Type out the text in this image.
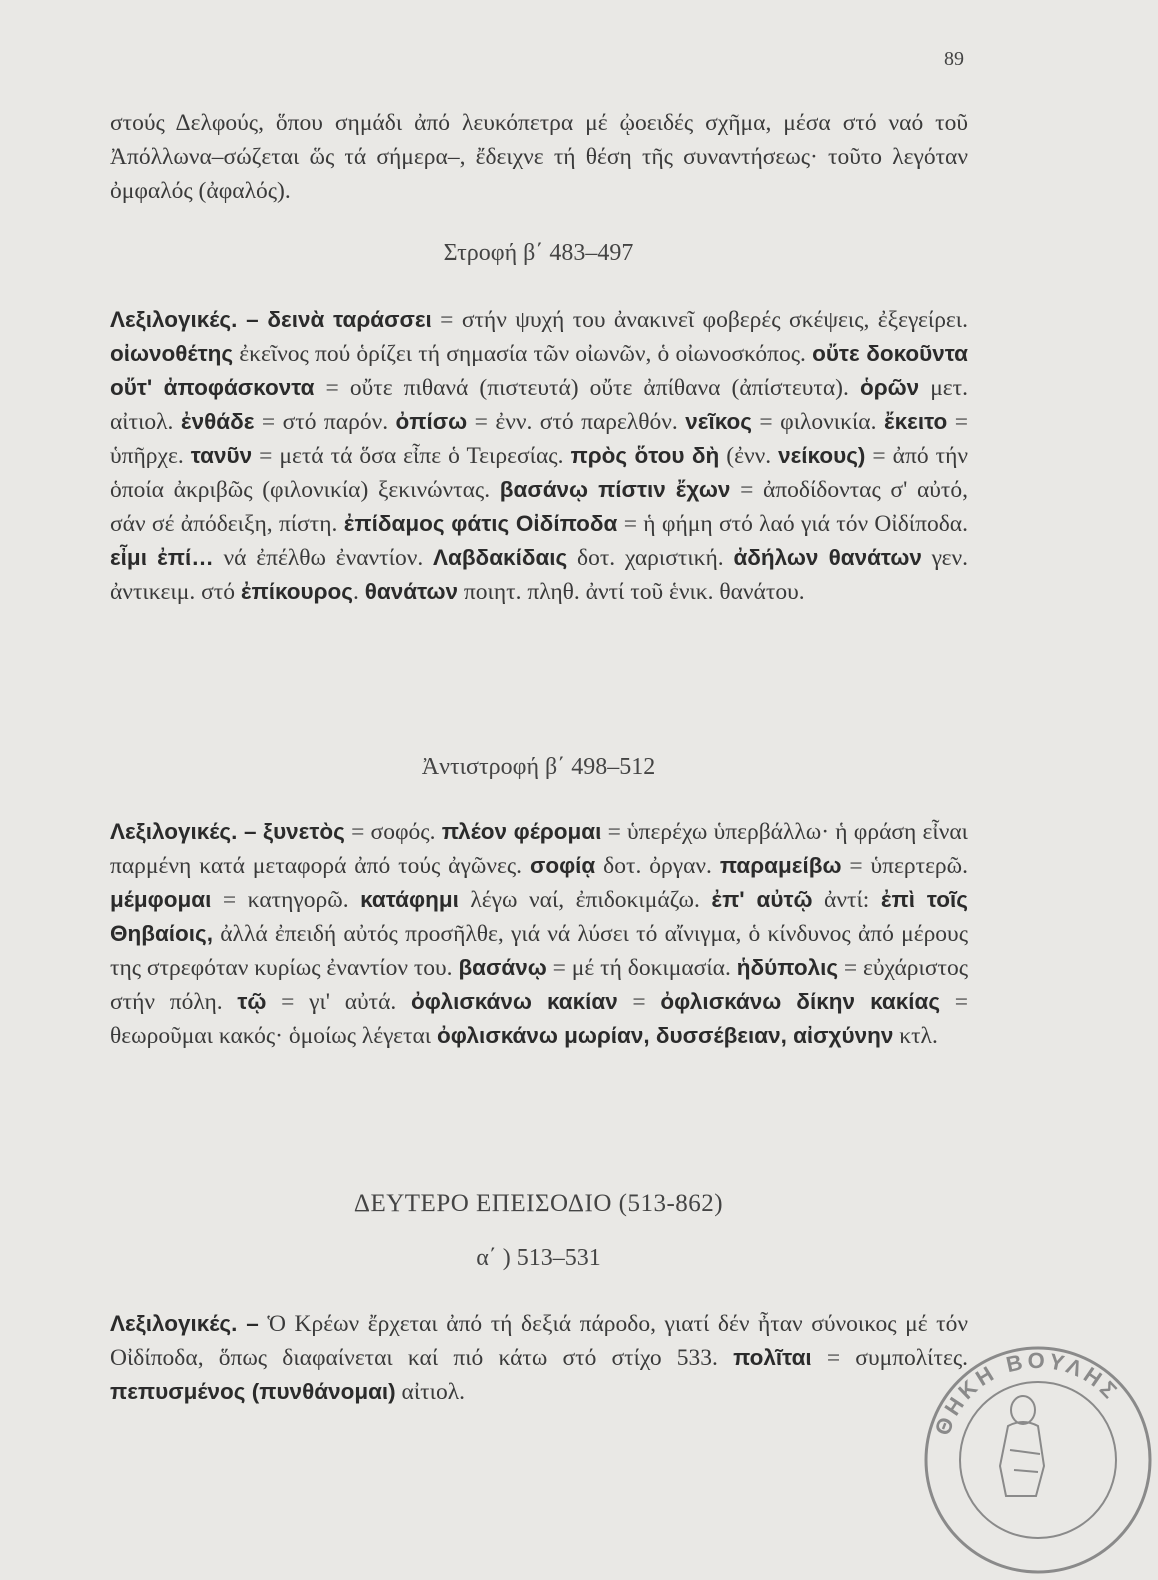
89
στούς Δελφούς, ὅπου σημάδι ἀπό λευκόπετρα μέ ᾠοειδές σχῆμα, μέσα στό ναό τοῦ Ἀπόλλωνα–σώζεται ὥς τά σήμερα–, ἔδειχνε τή θέση τῆς συναντήσεως· τοῦτο λεγόταν ὀμφαλός (ἀφαλός).
Στροφή β΄ 483–497
Λεξιλογικές. – δεινὰ ταράσσει = στήν ψυχή του ἀνακινεῖ φοβερές σκέψεις, ἐξεγείρει. οἰωνοθέτης ἐκεῖνος πού ὁρίζει τή σημασία τῶν οἰωνῶν, ὁ οἰωνοσκόπος. οὔτε δοκοῦντα οὔτ' ἀποφάσκοντα = οὔτε πιθανά (πιστευτά) οὔτε ἀπίθανα (ἀπίστευτα). ὁρῶν μετ. αἰτιολ. ἐνθάδε = στό παρόν. ὀπίσω = ἐνν. στό παρελθόν. νεῖκος = φιλονικία. ἔκειτο = ὑπῆρχε. τανῦν = μετά τά ὅσα εἶπε ὁ Τειρεσίας. πρὸς ὅτου δὴ (ἐνν. νείκους) = ἀπό τήν ὁποία ἀκριβῶς (φιλονικία) ξεκινώντας. βασάνῳ πίστιν ἔχων = ἀποδίδοντας σ' αὐτό, σάν σέ ἀπόδειξη, πίστη. ἐπίδαμος φάτις Οἰδίποδα = ἡ φήμη στό λαό γιά τόν Οἰδίποδα. εἶμι ἐπί… νά ἐπέλθω ἐναντίον. Λαβδακίδαις δοτ. χαριστική. ἀδήλων θανάτων γεν. ἀντικειμ. στό ἐπίκουρος. θανάτων ποιητ. πληθ. ἀντί τοῦ ἑνικ. θανάτου.
Ἀντιστροφή β΄ 498–512
Λεξιλογικές. – ξυνετὸς = σοφός. πλέον φέρομαι = ὑπερέχω ὑπερβάλλω· ἡ φράση εἶναι παρμένη κατά μεταφορά ἀπό τούς ἀγῶνες. σοφίᾳ δοτ. ὀργαν. παραμείβω = ὑπερτερῶ. μέμφομαι = κατηγορῶ. κατάφημι λέγω ναί, ἐπιδοκιμάζω. ἐπ' αὐτῷ ἀντί: ἐπὶ τοῖς Θηβαίοις, ἀλλά ἐπειδή αὐτός προσῆλθε, γιά νά λύσει τό αἴνιγμα, ὁ κίνδυνος ἀπό μέρους της στρεφόταν κυρίως ἐναντίον του. βασάνῳ = μέ τή δοκιμασία. ἡδύπολις = εὐχάριστος στήν πόλη. τῷ = γι' αὐτά. ὀφλισκάνω κακίαν = ὀφλισκάνω δίκην κακίας = θεωροῦμαι κακός· ὁμοίως λέγεται ὀφλισκάνω μωρίαν, δυσσέβειαν, αἰσχύνην κτλ.
ΔΕΥΤΕΡΟ ΕΠΕΙΣΟΔΙΟ (513-862)
α΄ ) 513–531
Λεξιλογικές. – Ὁ Κρέων ἔρχεται ἀπό τή δεξιά πάροδο, γιατί δέν ἦταν σύνοικος μέ τόν Οἰδίποδα, ὅπως διαφαίνεται καί πιό κάτω στό στίχο 533. πολῖται = συμπολίτες. πεπυσμένος (πυνθάνομαι) αἰτιολ.
ΘΗΚΗ ΒΟΥΛΗΣ
